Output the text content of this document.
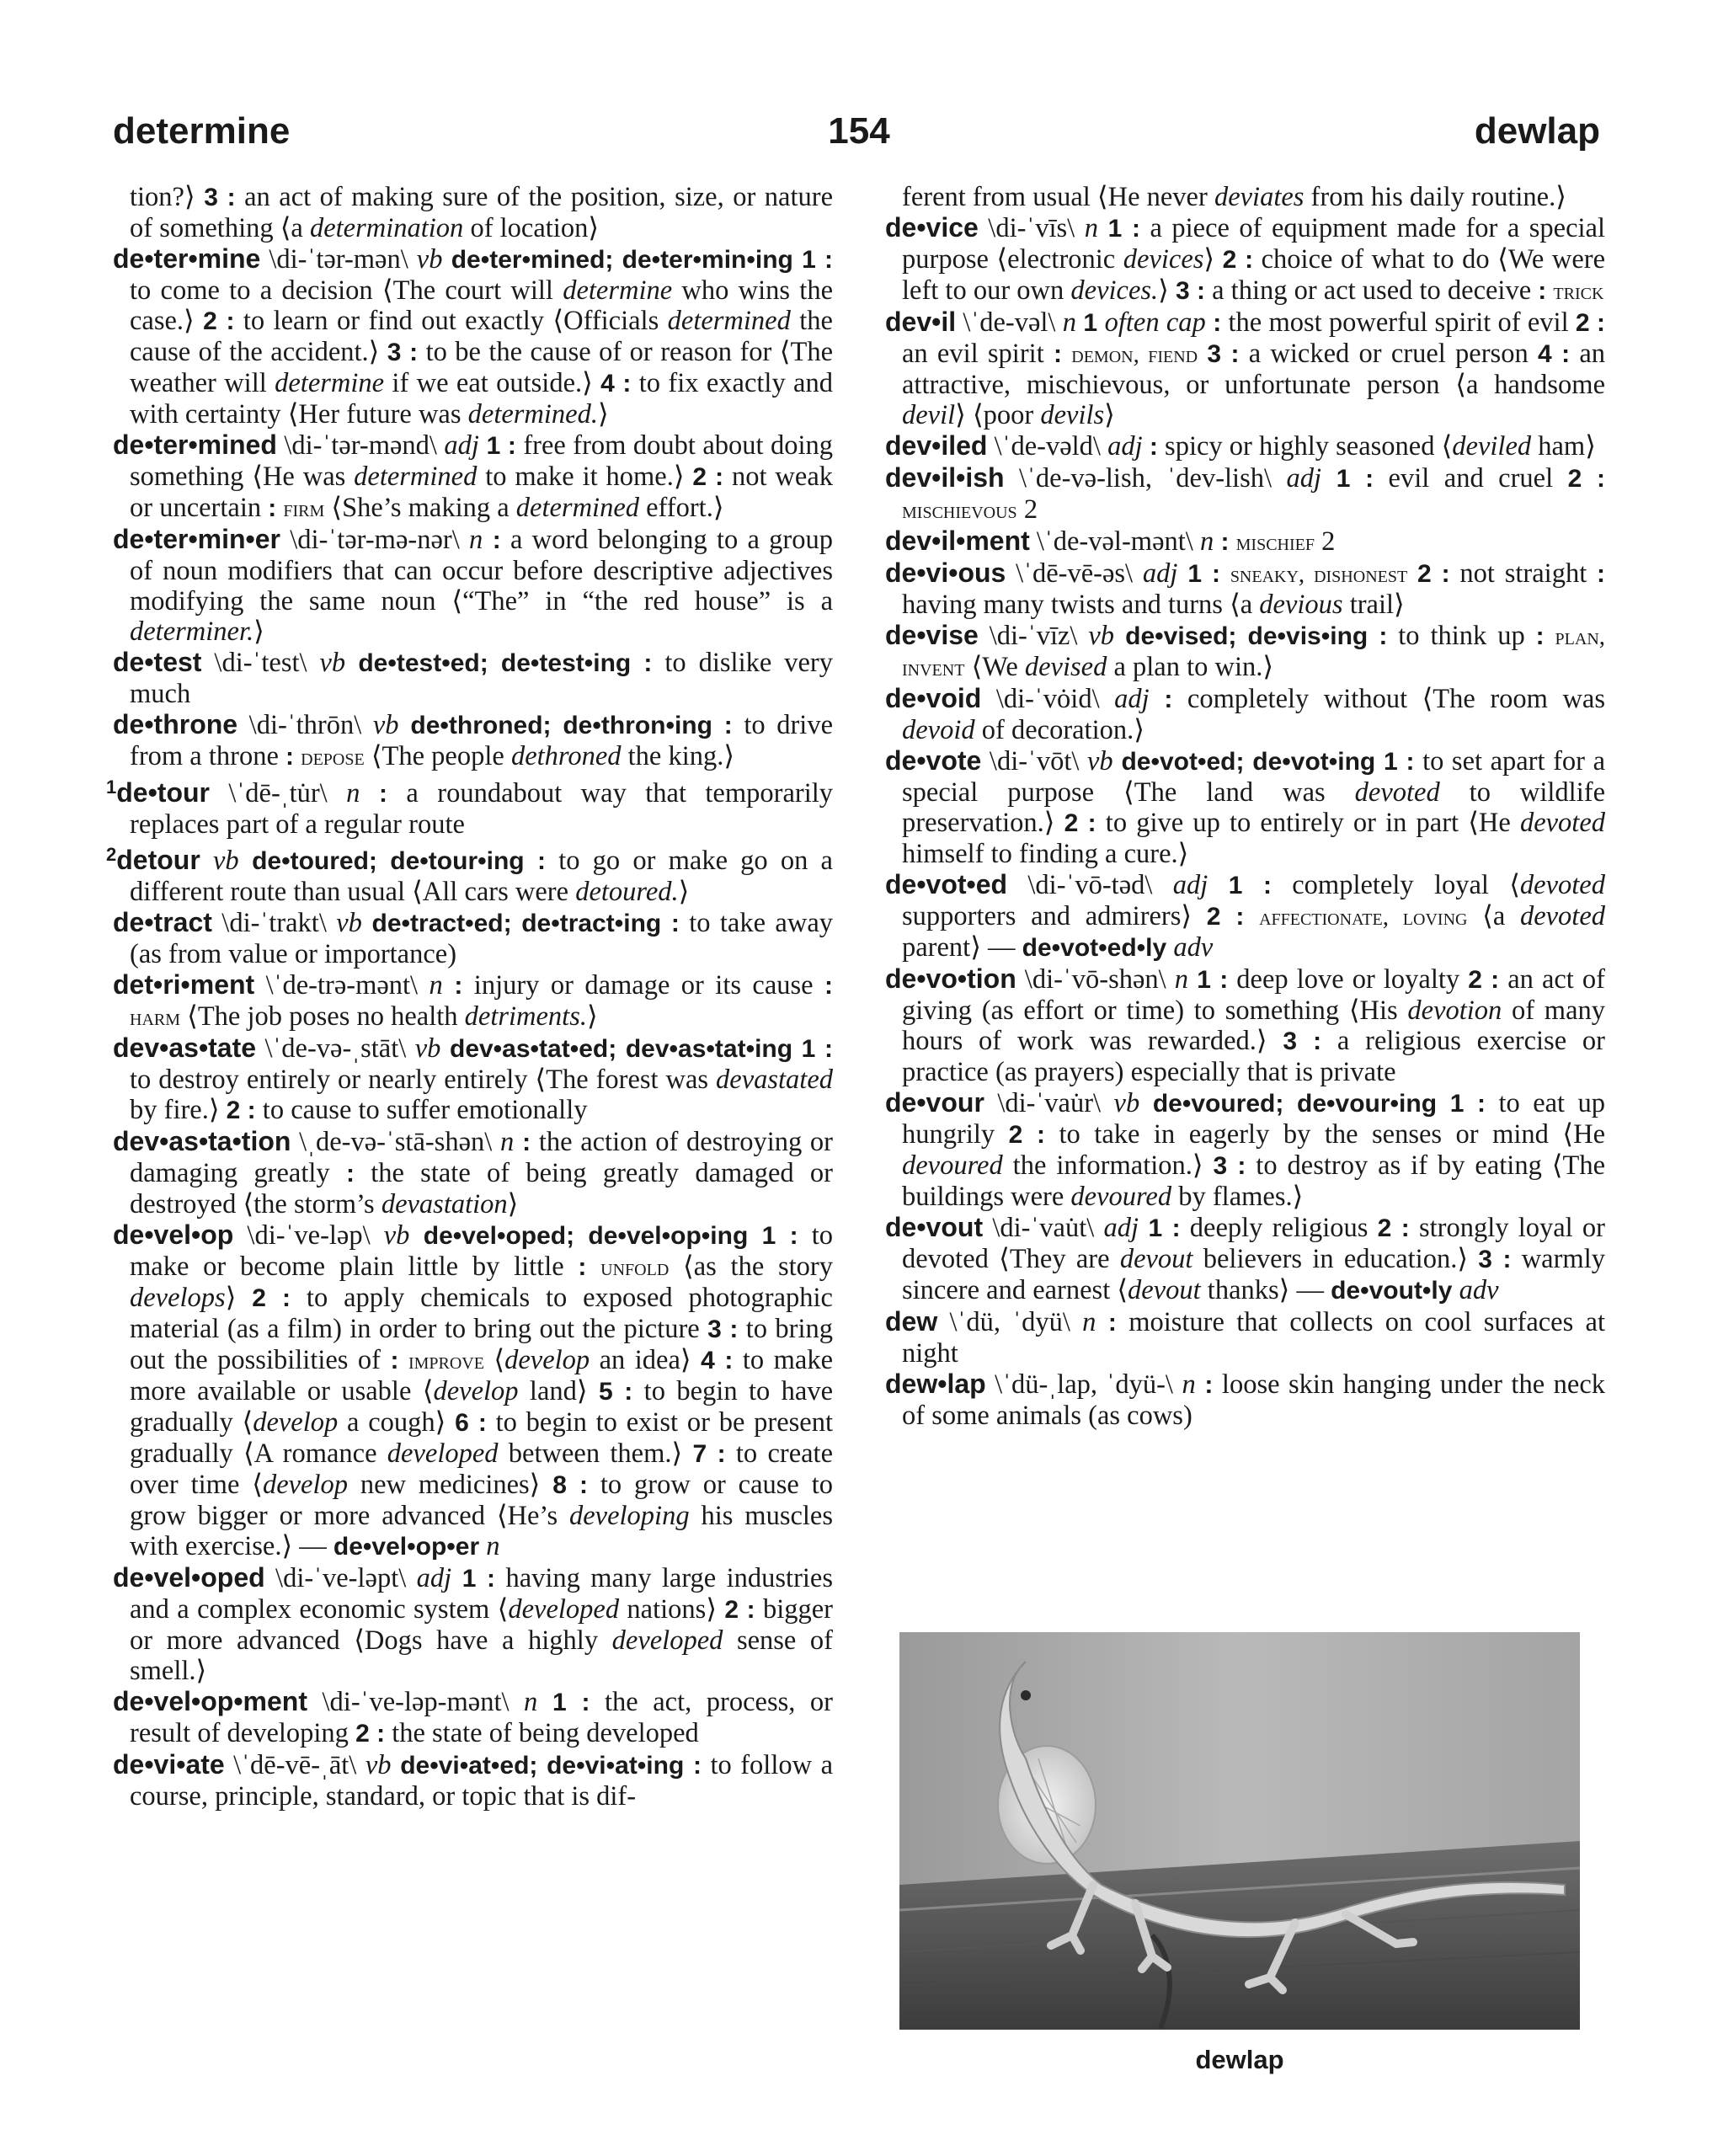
determine	154	dewlap

tion?⟩ 3 : an act of making sure of the position, size, or nature of something ⟨a determination of location⟩

de•ter•mine \di-ˈtər-mən\ vb de•ter•mined; de•ter•min•ing 1 : to come to a decision ⟨The court will determine who wins the case.⟩ 2 : to learn or find out exactly ⟨Officials determined the cause of the accident.⟩ 3 : to be the cause of or reason for ⟨The weather will determine if we eat outside.⟩ 4 : to fix exactly and with certainty ⟨Her future was determined.⟩

de•ter•mined \di-ˈtər-mənd\ adj 1 : free from doubt about doing something ⟨He was determined to make it home.⟩ 2 : not weak or uncertain : firm ⟨She’s making a determined effort.⟩

de•ter•min•er \di-ˈtər-mə-nər\ n : a word belonging to a group of noun modifiers that can occur before descriptive adjectives modifying the same noun ⟨“The” in “the red house” is a determiner.⟩

de•test \di-ˈtest\ vb de•test•ed; de•test•ing : to dislike very much

de•throne \di-ˈthrōn\ vb de•throned; de•thron•ing : to drive from a throne : depose ⟨The people dethroned the king.⟩

$^1$de•tour \ˈdē-ˌtu̇r\ n : a roundabout way that temporarily replaces part of a regular route

$^2$detour vb de•toured; de•tour•ing : to go or make go on a different route than usual ⟨All cars were detoured.⟩

de•tract \di-ˈtrakt\ vb de•tract•ed; de•tract•ing : to take away (as from value or importance)

det•ri•ment \ˈde-trə-mənt\ n : injury or damage or its cause : harm ⟨The job poses no health detriments.⟩

dev•as•tate \ˈde-və-ˌstāt\ vb dev•as•tat•ed; dev•as•tat•ing 1 : to destroy entirely or nearly entirely ⟨The forest was devastated by fire.⟩ 2 : to cause to suffer emotionally

dev•as•ta•tion \ˌde-və-ˈstā-shən\ n : the action of destroying or damaging greatly : the state of being greatly damaged or destroyed ⟨the storm’s devastation⟩

de•vel•op \di-ˈve-ləp\ vb de•vel•oped; de•vel•op•ing 1 : to make or become plain little by little : unfold ⟨as the story develops⟩ 2 : to apply chemicals to exposed photographic material (as a film) in order to bring out the picture 3 : to bring out the possibilities of : improve ⟨develop an idea⟩ 4 : to make more available or usable ⟨develop land⟩ 5 : to begin to have gradually ⟨develop a cough⟩ 6 : to begin to exist or be present gradually ⟨A romance developed between them.⟩ 7 : to create over time ⟨develop new medicines⟩ 8 : to grow or cause to grow bigger or more advanced ⟨He’s developing his muscles with exercise.⟩ — de•vel•op•er n

de•vel•oped \di-ˈve-ləpt\ adj 1 : having many large industries and a complex economic system ⟨developed nations⟩ 2 : bigger or more advanced ⟨Dogs have a highly developed sense of smell.⟩

de•vel•op•ment \di-ˈve-ləp-mənt\ n 1 : the act, process, or result of developing 2 : the state of being developed

de•vi•ate \ˈdē-vē-ˌāt\ vb de•vi•at•ed; de•vi•at•ing : to follow a course, principle, standard, or topic that is dif-

ferent from usual ⟨He never deviates from his daily routine.⟩

de•vice \di-ˈvīs\ n 1 : a piece of equipment made for a special purpose ⟨electronic devices⟩ 2 : choice of what to do ⟨We were left to our own devices.⟩ 3 : a thing or act used to deceive : trick

dev•il \ˈde-vəl\ n 1 often cap : the most powerful spirit of evil 2 : an evil spirit : demon, fiend 3 : a wicked or cruel person 4 : an attractive, mischievous, or unfortunate person ⟨a handsome devil⟩ ⟨poor devils⟩

dev•iled \ˈde-vəld\ adj : spicy or highly seasoned ⟨deviled ham⟩

dev•il•ish \ˈde-və-lish, ˈdev-lish\ adj 1 : evil and cruel 2 : mischievous 2

dev•il•ment \ˈde-vəl-mənt\ n : mischief 2

de•vi•ous \ˈdē-vē-əs\ adj 1 : sneaky, dishonest 2 : not straight : having many twists and turns ⟨a devious trail⟩

de•vise \di-ˈvīz\ vb de•vised; de•vis•ing : to think up : plan, invent ⟨We devised a plan to win.⟩

de•void \di-ˈvȯid\ adj : completely without ⟨The room was devoid of decoration.⟩

de•vote \di-ˈvōt\ vb de•vot•ed; de•vot•ing 1 : to set apart for a special purpose ⟨The land was devoted to wildlife preservation.⟩ 2 : to give up to entirely or in part ⟨He devoted himself to finding a cure.⟩

de•vot•ed \di-ˈvō-təd\ adj 1 : completely loyal ⟨devoted supporters and admirers⟩ 2 : affectionate, loving ⟨a devoted parent⟩ — de•vot•ed•ly adv

de•vo•tion \di-ˈvō-shən\ n 1 : deep love or loyalty 2 : an act of giving (as effort or time) to something ⟨His devotion of many hours of work was rewarded.⟩ 3 : a religious exercise or practice (as prayers) especially that is private

de•vour \di-ˈvau̇r\ vb de•voured; de•vour•ing 1 : to eat up hungrily 2 : to take in eagerly by the senses or mind ⟨He devoured the information.⟩ 3 : to destroy as if by eating ⟨The buildings were devoured by flames.⟩

de•vout \di-ˈvau̇t\ adj 1 : deeply religious 2 : strongly loyal or devoted ⟨They are devout believers in education.⟩ 3 : warmly sincere and earnest ⟨devout thanks⟩ — de•vout•ly adv

dew \ˈdü, ˈdyü\ n : moisture that collects on cool surfaces at night

dew•lap \ˈdü-ˌlap, ˈdyü-\ n : loose skin hanging under the neck of some animals (as cows)

dewlap
